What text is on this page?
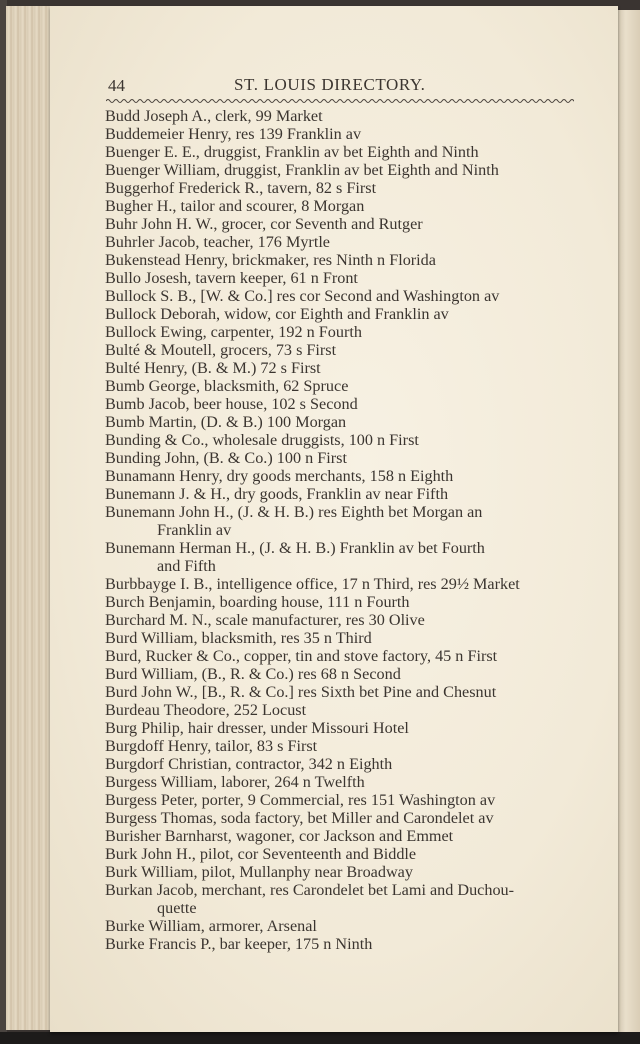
44	ST. LOUIS DIRECTORY.
Budd Joseph A., clerk, 99 Market
Buddemeier Henry, res 139 Franklin av
Buenger E. E., druggist, Franklin av bet Eighth and Ninth
Buenger William, druggist, Franklin av bet Eighth and Ninth
Buggerhof Frederick R., tavern, 82 s First
Bugher H., tailor and scourer, 8 Morgan
Buhr John H. W., grocer, cor Seventh and Rutger
Buhrler Jacob, teacher, 176 Myrtle
Bukenstead Henry, brickmaker, res Ninth n Florida
Bullo Josesh, tavern keeper, 61 n Front
Bullock S. B., [W. & Co.] res cor Second and Washington av
Bullock Deborah, widow, cor Eighth and Franklin av
Bullock Ewing, carpenter, 192 n Fourth
Bulté & Moutell, grocers, 73 s First
Bulté Henry, (B. & M.) 72 s First
Bumb George, blacksmith, 62 Spruce
Bumb Jacob, beer house, 102 s Second
Bumb Martin, (D. & B.) 100 Morgan
Bunding & Co., wholesale druggists, 100 n First
Bunding John, (B. & Co.) 100 n First
Bunamann Henry, dry goods merchants, 158 n Eighth
Bunemann J. & H., dry goods, Franklin av near Fifth
Bunemann John H., (J. & H. B.) res Eighth bet Morgan an
Franklin av
Bunemann Herman H., (J. & H. B.) Franklin av bet Fourth
and Fifth
Burbbayge I. B., intelligence office, 17 n Third, res 29½ Market
Burch Benjamin, boarding house, 111 n Fourth
Burchard M. N., scale manufacturer, res 30 Olive
Burd William, blacksmith, res 35 n Third
Burd, Rucker & Co., copper, tin and stove factory, 45 n First
Burd William, (B., R. & Co.) res 68 n Second
Burd John W., [B., R. & Co.] res Sixth bet Pine and Chesnut
Burdeau Theodore, 252 Locust
Burg Philip, hair dresser, under Missouri Hotel
Burgdoff Henry, tailor, 83 s First
Burgdorf Christian, contractor, 342 n Eighth
Burgess William, laborer, 264 n Twelfth
Burgess Peter, porter, 9 Commercial, res 151 Washington av
Burgess Thomas, soda factory, bet Miller and Carondelet av
Burisher Barnharst, wagoner, cor Jackson and Emmet
Burk John H., pilot, cor Seventeenth and Biddle
Burk William, pilot, Mullanphy near Broadway
Burkan Jacob, merchant, res Carondelet bet Lami and Duchou-
quette
Burke William, armorer, Arsenal
Burke Francis P., bar keeper, 175 n Ninth
